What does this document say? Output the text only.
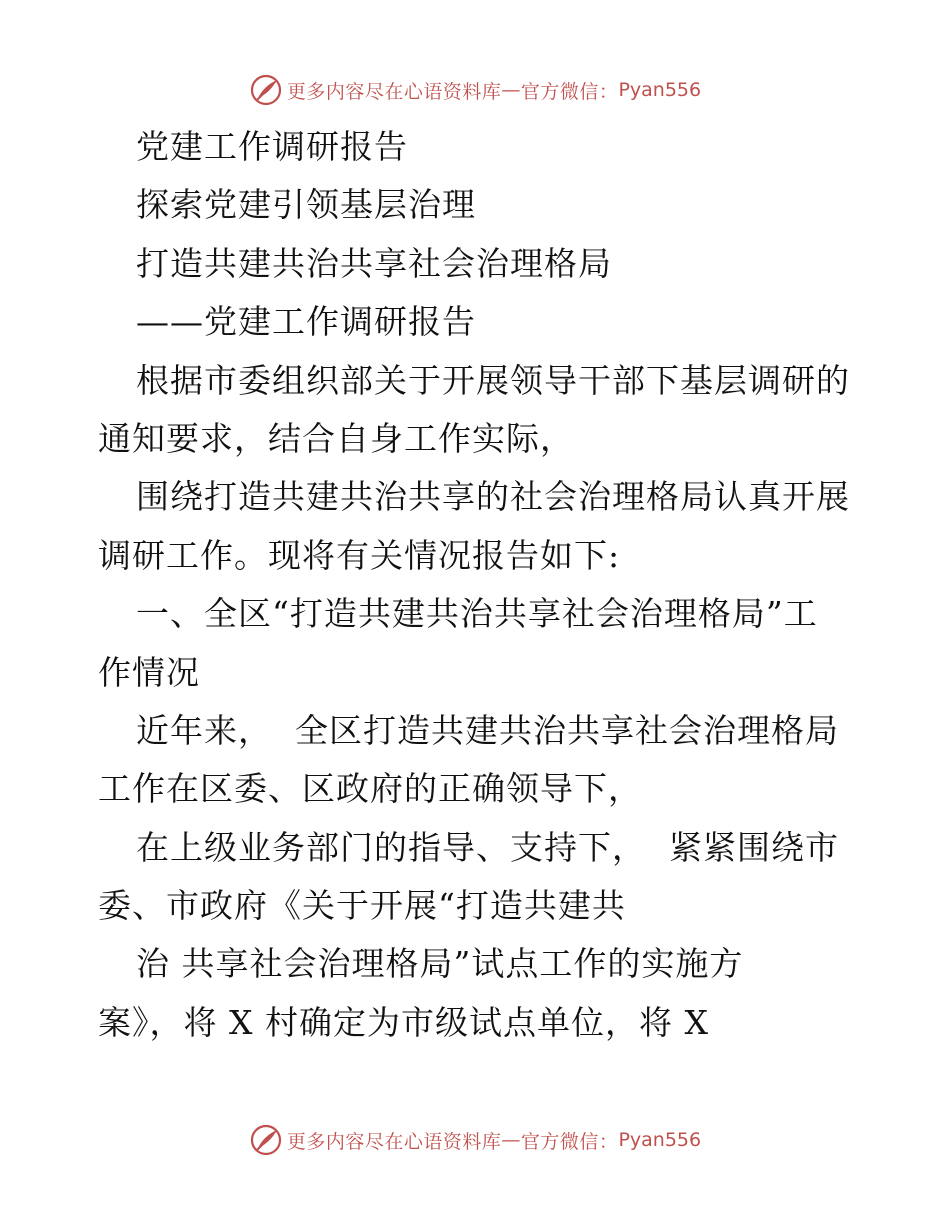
更多内容尽在心语资料库 — 官方微信： Pyan556
党建工作调研报告
探索党建引领基层治理
打造共建共治共享社会治理格局
——党建工作调研报告
根据市委组织部关于开展领导干部下基层调研的
通知要求，结合自身工作实际，
围绕打造共建共治共享的社会治理格局认真开展
调研工作。现将有关情况报告如下:
一、全区“打造共建共治共享社会治理格局”工
作情况
近年来，  全区打造共建共治共享社会治理格局
工作在区委、区政府的正确领导下，
在上级业务部门的指导、支持下，  紧紧围绕市
委、市政府《关于开展“打造共建共
治 共享社会治理格局”试点工作的实施方
案》，将 X 村确定为市级试点单位，将 X
更多内容尽在心语资料库 — 官方微信： Pyan556
